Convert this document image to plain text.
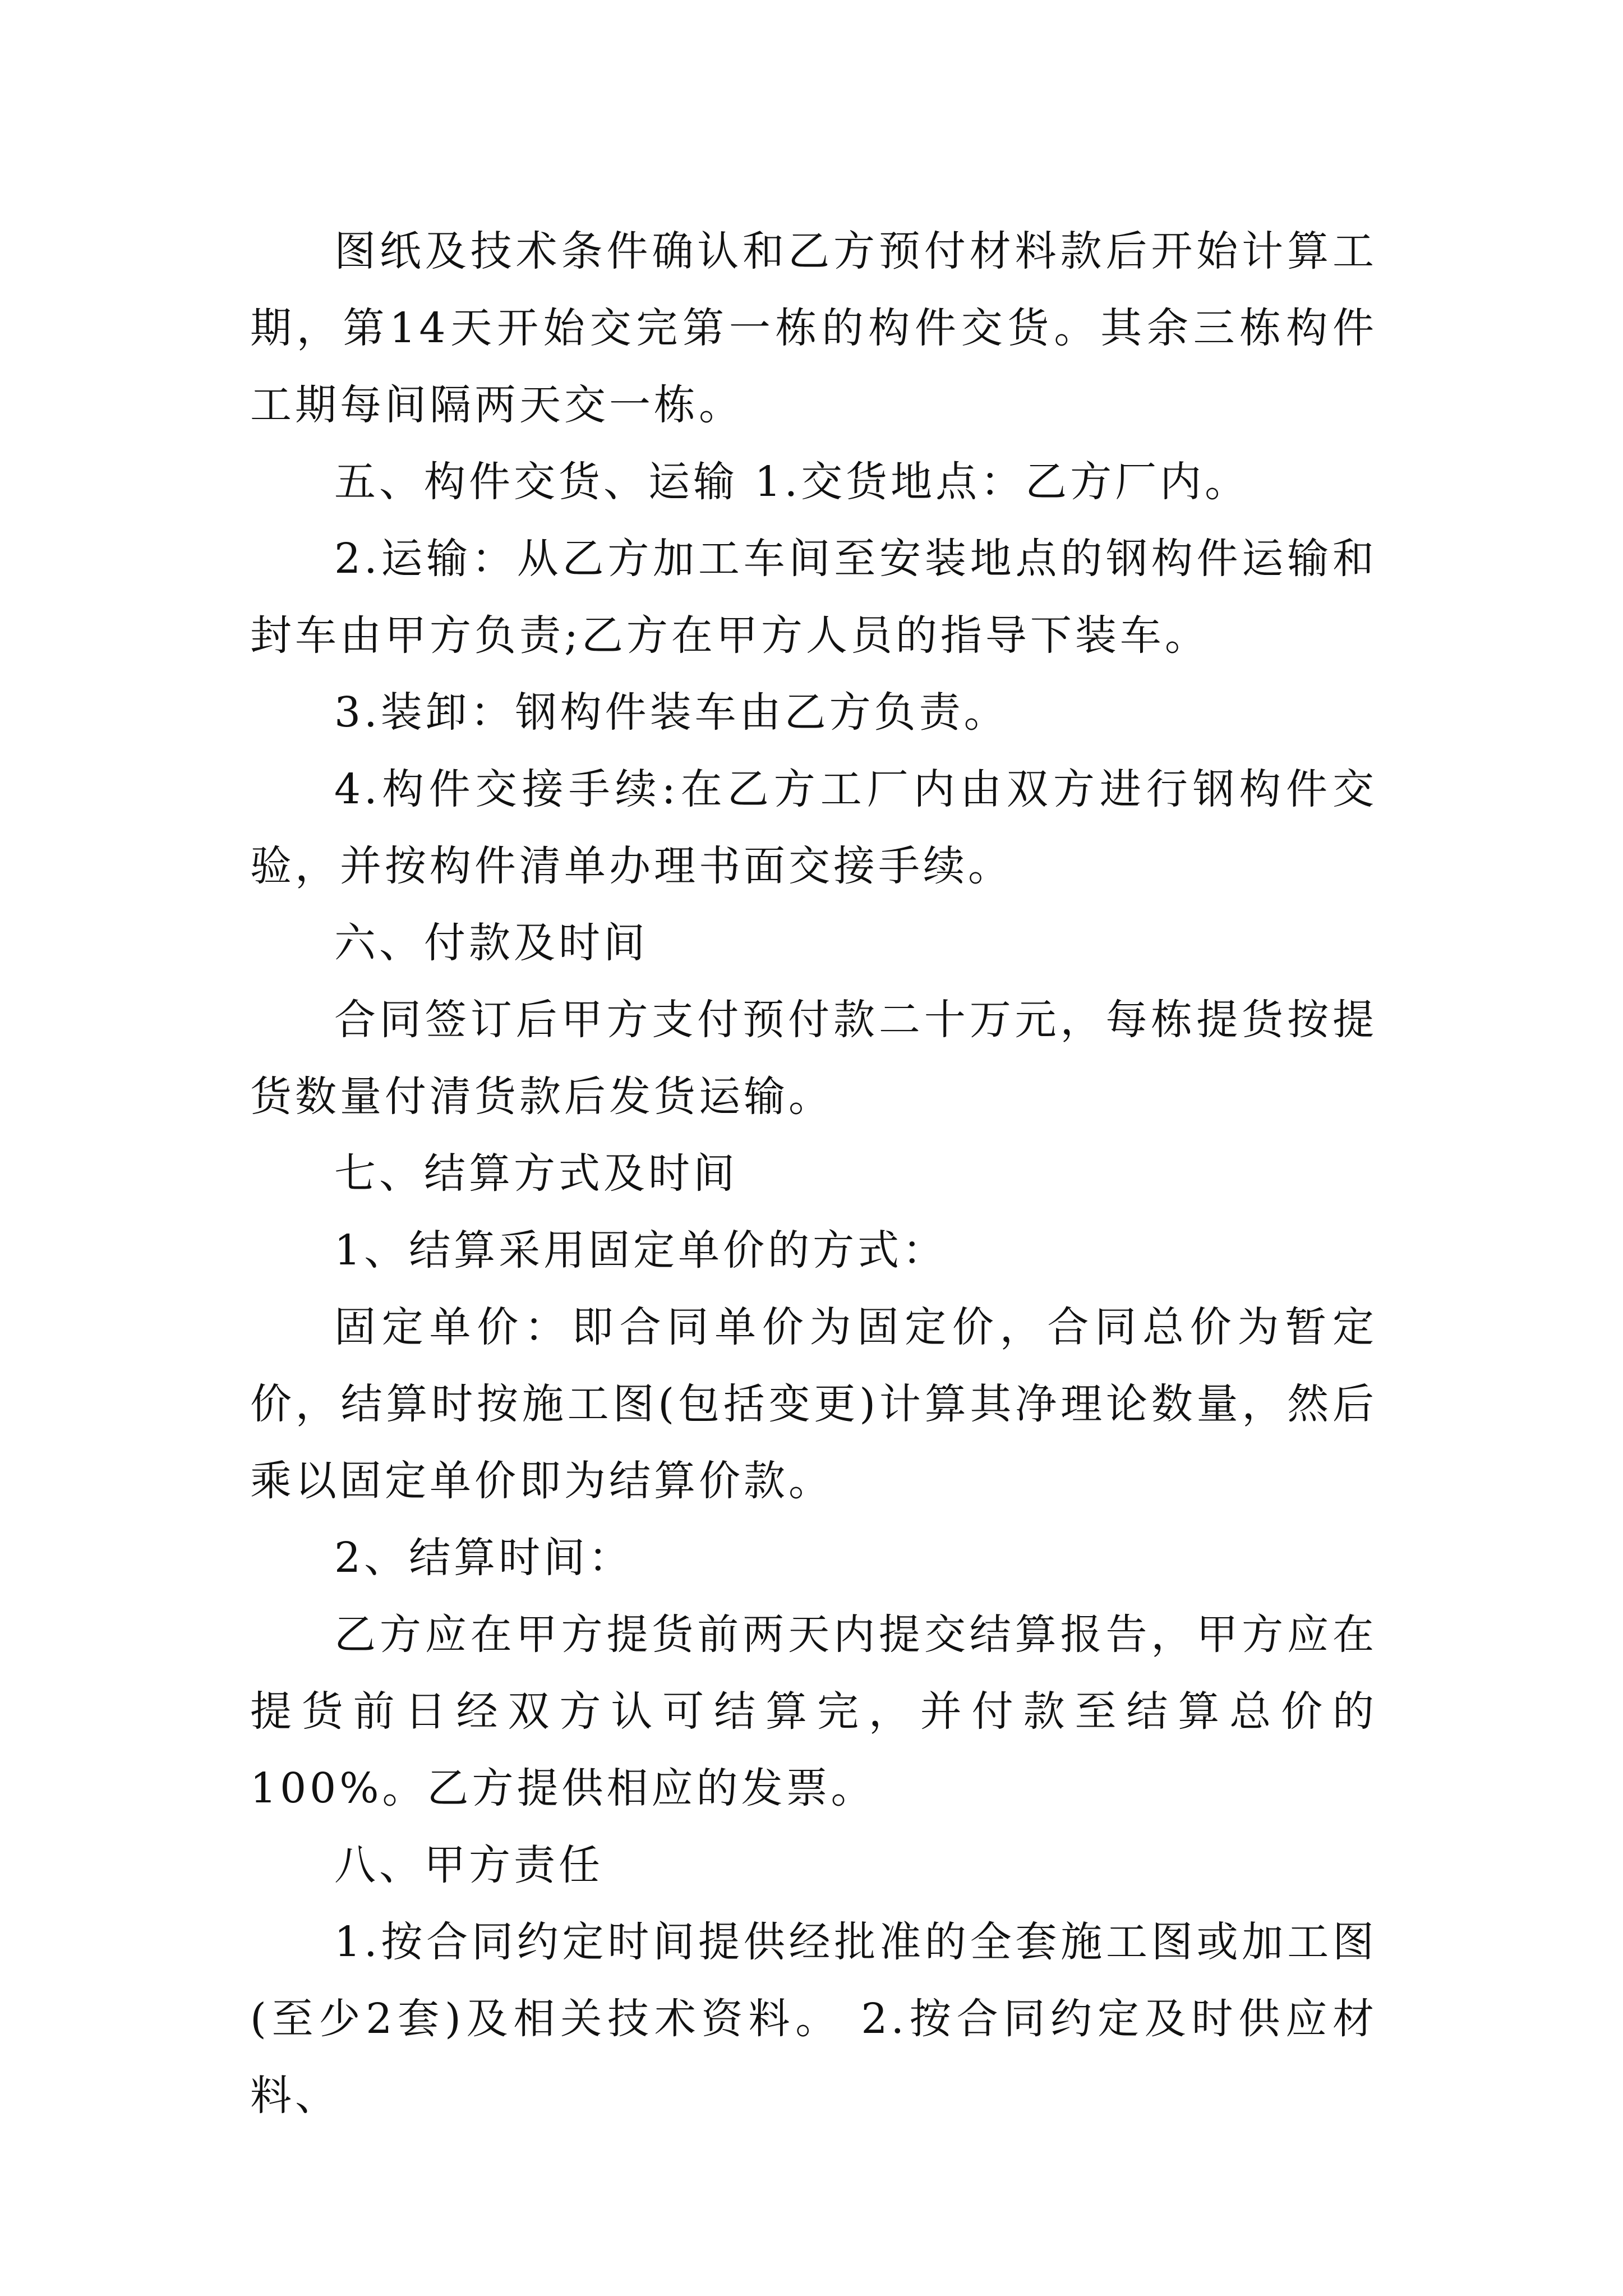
图纸及技术条件确认和乙方预付材料款后开始计算工期，第14天开始交完第一栋的构件交货。其余三栋构件工期每间隔两天交一栋。

五、构件交货、运输 1.交货地点：乙方厂内。

2.运输：从乙方加工车间至安装地点的钢构件运输和封车由甲方负责;乙方在甲方人员的指导下装车。

3.装卸：钢构件装车由乙方负责。

4.构件交接手续:在乙方工厂内由双方进行钢构件交验，并按构件清单办理书面交接手续。

六、付款及时间

合同签订后甲方支付预付款二十万元，每栋提货按提货数量付清货款后发货运输。

七、结算方式及时间

1、结算采用固定单价的方式：

固定单价：即合同单价为固定价，合同总价为暂定价，结算时按施工图(包括变更)计算其净理论数量，然后乘以固定单价即为结算价款。

2、结算时间：

乙方应在甲方提货前两天内提交结算报告，甲方应在提货前日经双方认可结算完，并付款至结算总价的100%。乙方提供相应的发票。

八、甲方责任

1.按合同约定时间提供经批准的全套施工图或加工图(至少2套)及相关技术资料。 2.按合同约定及时供应材料、
